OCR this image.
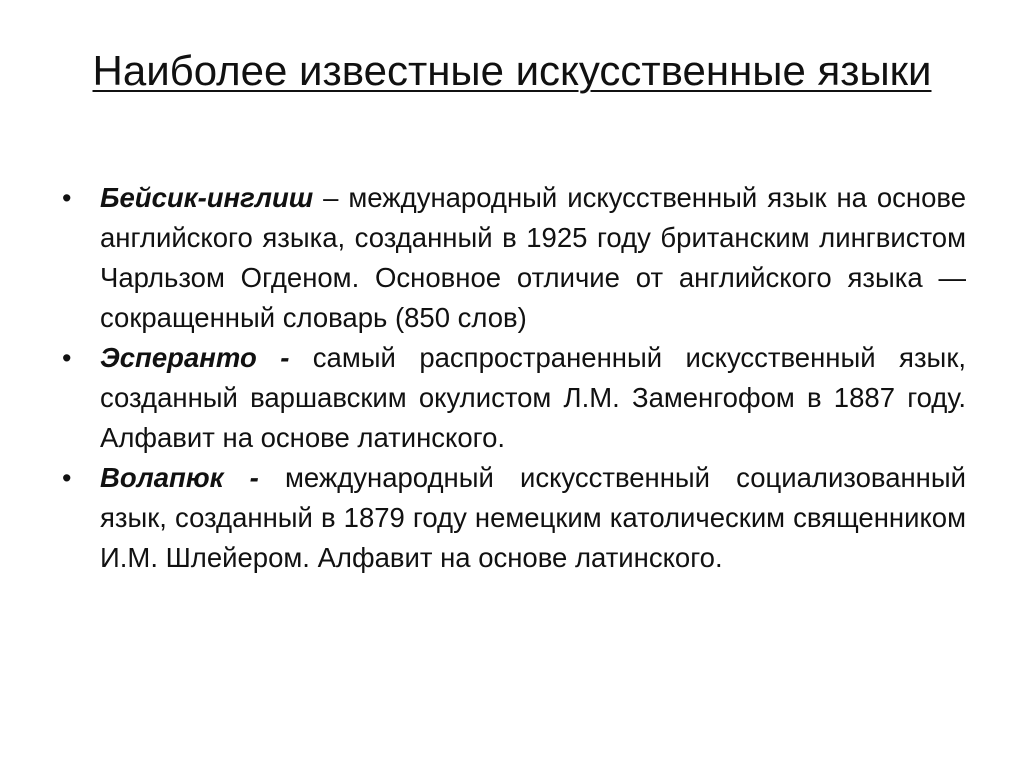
Наиболее известные искусственные языки
•	Бейсик-инглиш – международный искусственный язык на основе английского языка, созданный в 1925 году британским лингвистом Чарльзом Огденом. Основное отличие от английского языка — сокращенный словарь (850 слов)
•	Эсперанто - самый распространенный искусственный язык, созданный варшавским окулистом Л.М. Заменгофом в 1887 году. Алфавит на основе латинского.
•	Волапюк - международный искусственный социализованный язык, созданный в 1879 году немецким католическим священником И.М. Шлейером. Алфавит на основе латинского.
